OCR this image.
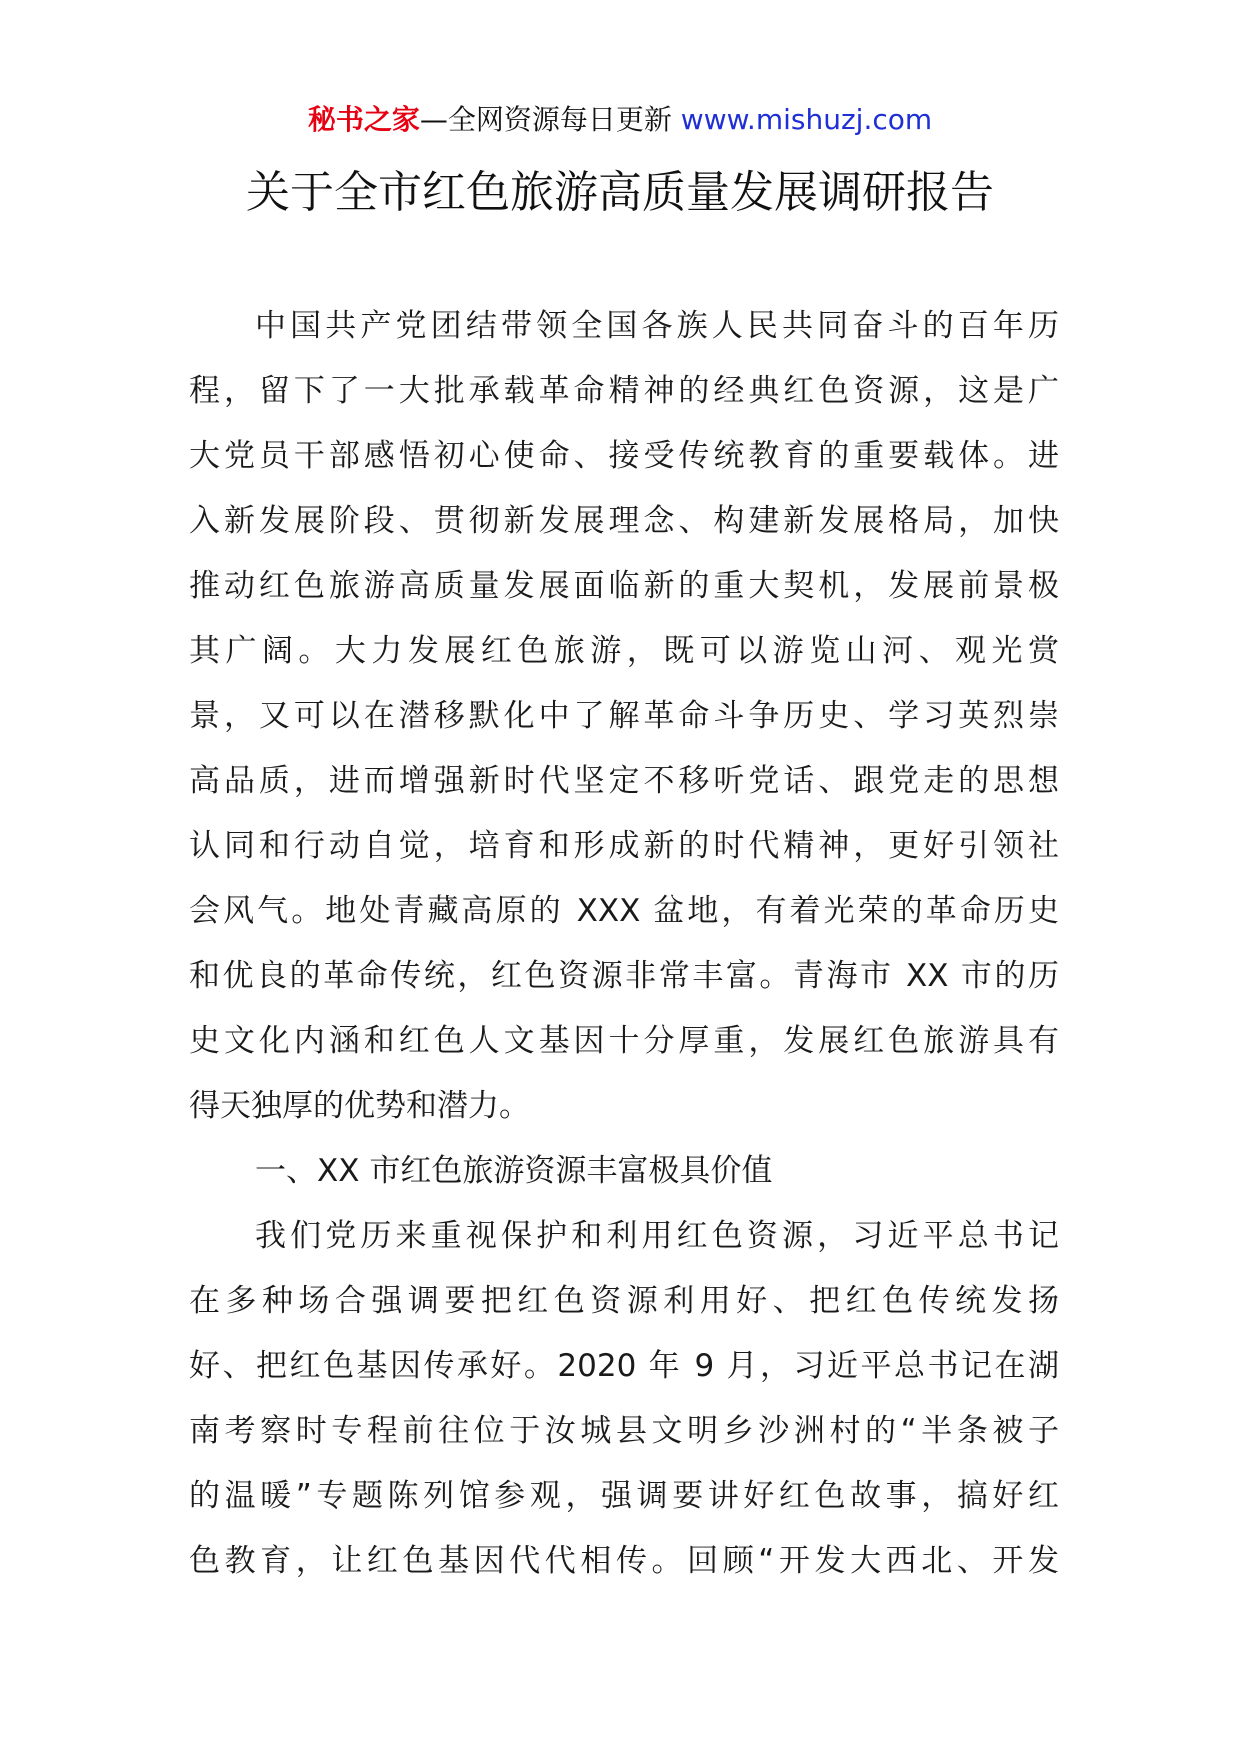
秘书之家—全网资源每日更新 www.mishuzj.com
关于全市红色旅游高质量发展调研报告
中国共产党团结带领全国各族人民共同奋斗的百年历
程，留下了一大批承载革命精神的经典红色资源，这是广
大党员干部感悟初心使命、接受传统教育的重要载体。进
入新发展阶段、贯彻新发展理念、构建新发展格局，加快
推动红色旅游高质量发展面临新的重大契机，发展前景极
其广阔。大力发展红色旅游，既可以游览山河、观光赏
景，又可以在潜移默化中了解革命斗争历史、学习英烈崇
高品质，进而增强新时代坚定不移听党话、跟党走的思想
认同和行动自觉，培育和形成新的时代精神，更好引领社
会风气。地处青藏高原的 XXX 盆地，有着光荣的革命历史
和优良的革命传统，红色资源非常丰富。青海市 XX 市的历
史文化内涵和红色人文基因十分厚重，发展红色旅游具有
得天独厚的优势和潜力。
一、XX 市红色旅游资源丰富极具价值
我们党历来重视保护和利用红色资源，习近平总书记
在多种场合强调要把红色资源利用好、把红色传统发扬
好、把红色基因传承好。2020 年 9 月，习近平总书记在湖
南考察时专程前往位于汝城县文明乡沙洲村的“半条被子
的温暖”专题陈列馆参观，强调要讲好红色故事，搞好红
色教育，让红色基因代代相传。回顾“开发大西北、开发
